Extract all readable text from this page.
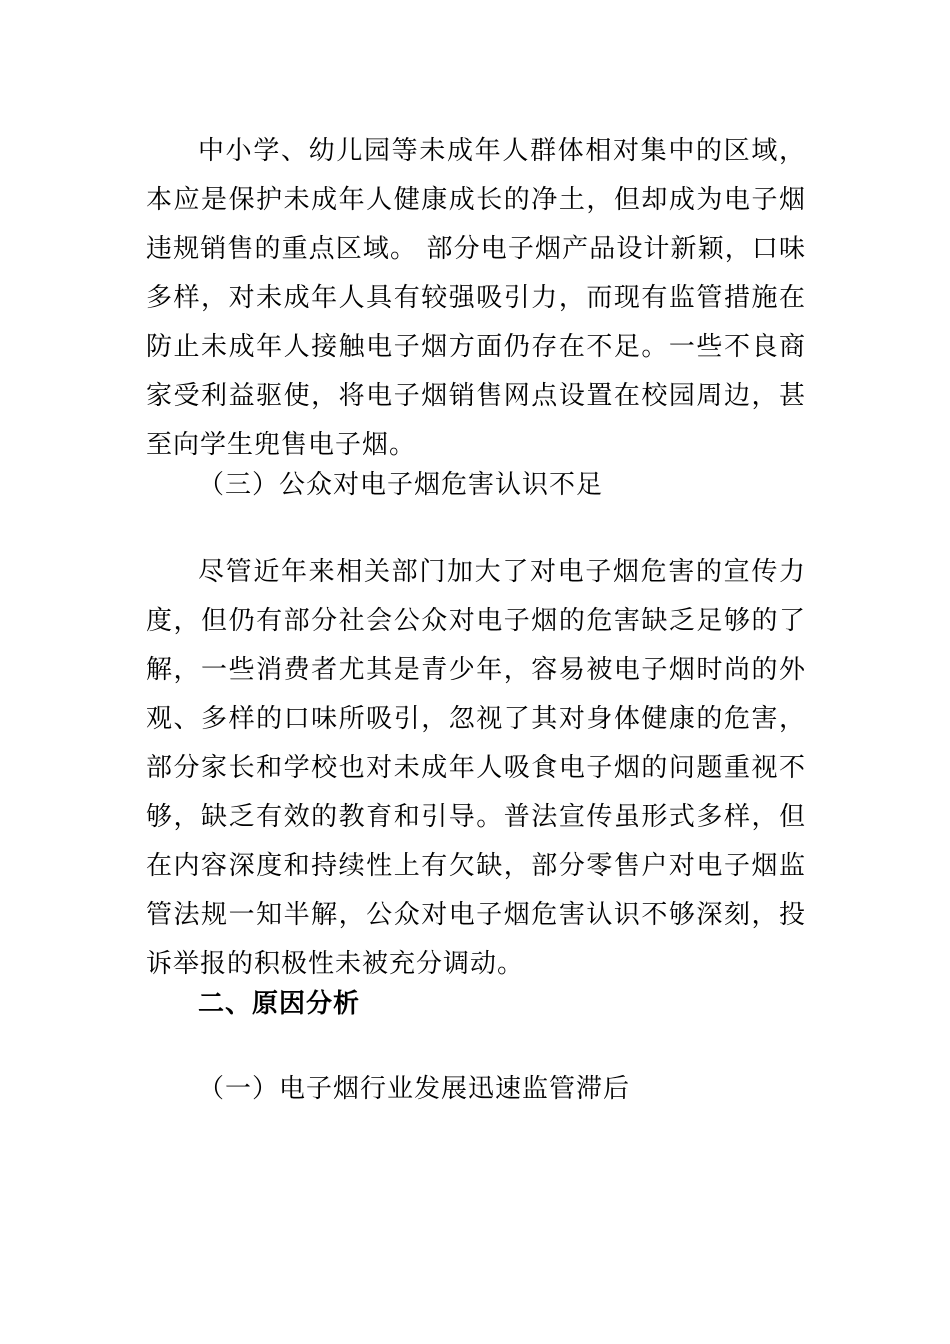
中小学、幼儿园等未成年人群体相对集中的区域，本应是保护未成年人健康成长的净土，但却成为电子烟违规销售的重点区域。 部分电子烟产品设计新颖，口味多样，对未成年人具有较强吸引力，而现有监管措施在防止未成年人接触电子烟方面仍存在不足。一些不良商家受利益驱使，将电子烟销售网点设置在校园周边，甚至向学生兜售电子烟。

（三）公众对电子烟危害认识不足

尽管近年来相关部门加大了对电子烟危害的宣传力度，但仍有部分社会公众对电子烟的危害缺乏足够的了解，一些消费者尤其是青少年，容易被电子烟时尚的外观、多样的口味所吸引，忽视了其对身体健康的危害，部分家长和学校也对未成年人吸食电子烟的问题重视不够，缺乏有效的教育和引导。普法宣传虽形式多样，但在内容深度和持续性上有欠缺，部分零售户对电子烟监管法规一知半解，公众对电子烟危害认识不够深刻，投诉举报的积极性未被充分调动。

二、原因分析

（一）电子烟行业发展迅速监管滞后
